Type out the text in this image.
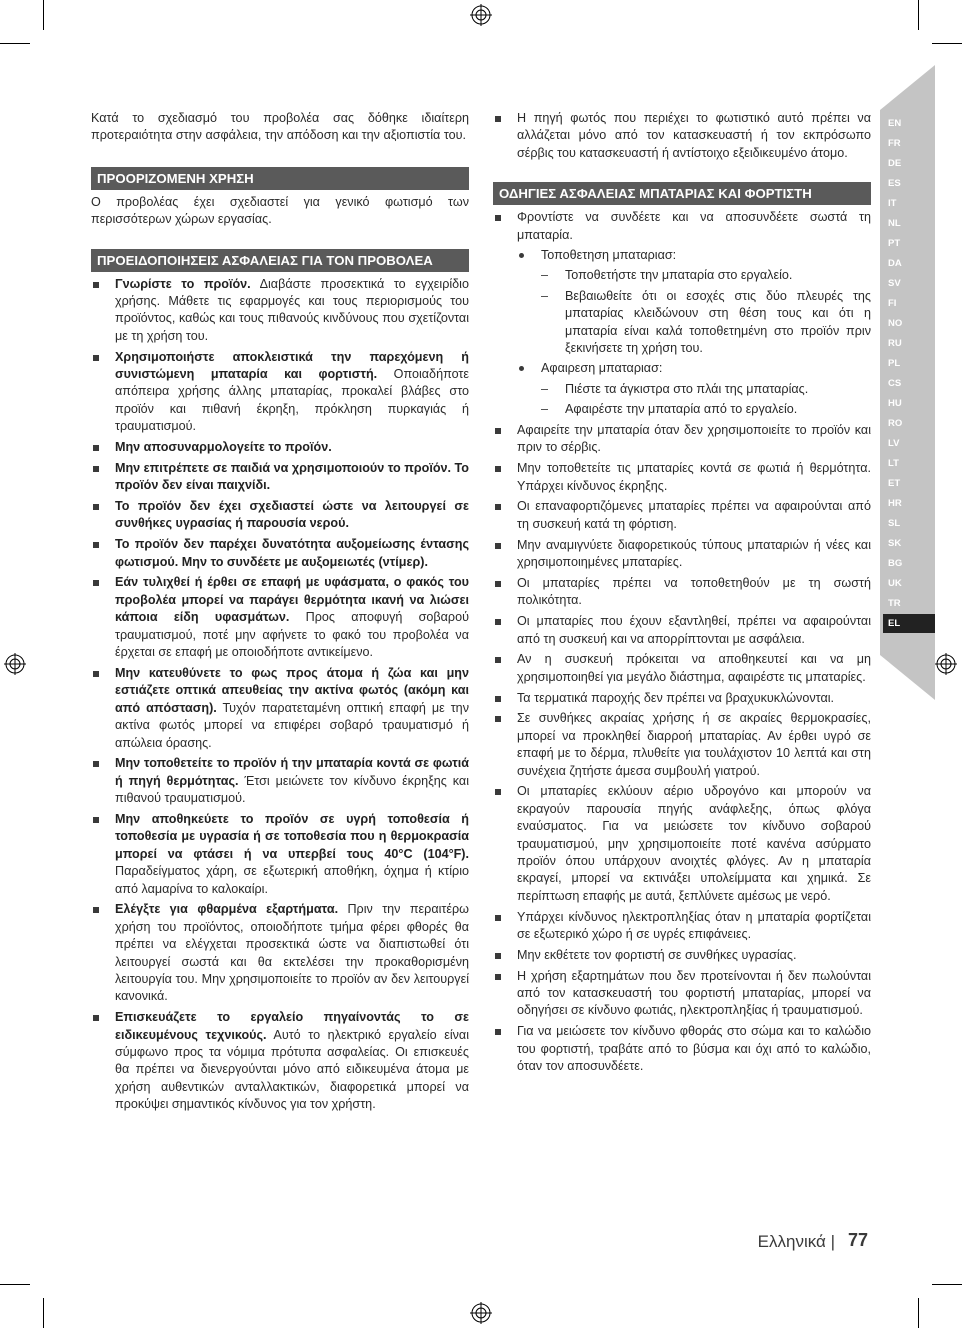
EN
FR
DE
ES
IT
NL
PT
DA
SV
FI
NO
RU
PL
CS
HU
RO
LV
LT
ET
HR
SL
SK
BG
UK
TR
EL

Κατά το σχεδιασμό του προβολέα σας δόθηκε ιδιαίτερη προτεραιότητα στην ασφάλεια, την απόδοση και την αξιοπιστία του.

ΠΡΟΟΡΙΖΟΜΕΝΗ ΧΡΗΣΗ

Ο προβολέας έχει σχεδιαστεί για γενικό φωτισμό των περισσότερων χώρων εργασίας.

ΠΡΟΕΙΔΟΠΟΙΗΣΕΙΣ ΑΣΦΑΛΕΙΑΣ ΓΙΑ ΤΟΝ ΠΡΟΒΟΛΕΑ
Γνωρίστε το προϊόν. Διαβάστε προσεκτικά το εγχειρίδιο χρήσης. Μάθετε τις εφαρμογές και τους περιορισμούς του προϊόντος, καθώς και τους πιθανούς κινδύνους που σχετίζονται με τη χρήση του.
Χρησιμοποιήστε αποκλειστικά την παρεχόμενη ή συνιστώμενη μπαταρία και φορτιστή. Οποιαδήποτε απόπειρα χρήσης άλλης μπαταρίας, προκαλεί βλάβες στο προϊόν και πιθανή έκρηξη, πρόκληση πυρκαγιάς ή τραυματισμού.
Μην αποσυναρμολογείτε το προϊόν.
Μην επιτρέπετε σε παιδιά να χρησιμοποιούν το προϊόν. Το προϊόν δεν είναι παιχνίδι.
Το προϊόν δεν έχει σχεδιαστεί ώστε να λειτουργεί σε συνθήκες υγρασίας ή παρουσία νερού.
Το προϊόν δεν παρέχει δυνατότητα αυξομείωσης έντασης φωτισμού. Μην το συνδέετε με αυξομειωτές (ντίμερ).
Εάν τυλιχθεί ή έρθει σε επαφή με υφάσματα, ο φακός του προβολέα μπορεί να παράγει θερμότητα ικανή να λιώσει κάποια είδη υφασμάτων. Προς αποφυγή σοβαρού τραυματισμού, ποτέ μην αφήνετε το φακό του προβολέα να έρχεται σε επαφή με οποιοδήποτε αντικείμενο.
Μην κατευθύνετε το φως προς άτομα ή ζώα και μην εστιάζετε οπτικά απευθείας την ακτίνα φωτός (ακόμη και από απόσταση). Τυχόν παρατεταμένη οπτική επαφή με την ακτίνα φωτός μπορεί να επιφέρει σοβαρό τραυματισμό ή απώλεια όρασης.
Μην τοποθετείτε το προϊόν ή την μπαταρία κοντά σε φωτιά ή πηγή θερμότητας. Έτσι μειώνετε τον κίνδυνο έκρηξης και πιθανού τραυματισμού.
Μην αποθηκεύετε το προϊόν σε υγρή τοποθεσία ή τοποθεσία με υγρασία ή σε τοποθεσία που η θερμοκρασία μπορεί να φτάσει ή να υπερβεί τους 40°C (104°F). Παραδείγματος χάρη, σε εξωτερική αποθήκη, όχημα ή κτίριο από λαμαρίνα το καλοκαίρι.
Ελέγξτε για φθαρμένα εξαρτήματα. Πριν την περαιτέρω χρήση του προϊόντος, οποιοδήποτε τμήμα φέρει φθορές θα πρέπει να ελέγχεται προσεκτικά ώστε να διαπιστωθεί ότι λειτουργεί σωστά και θα εκτελέσει την προκαθορισμένη λειτουργία του. Μην χρησιμοποιείτε το προϊόν αν δεν λειτουργεί κανονικά.
Επισκευάζετε το εργαλείο πηγαίνοντάς το σε ειδικευμένους τεχνικούς. Αυτό το ηλεκτρικό εργαλείο είναι σύμφωνο προς τα νόμιμα πρότυπα ασφαλείας. Οι επισκευές θα πρέπει να διενεργούνται μόνο από ειδικευμένα άτομα με χρήση αυθεντικών ανταλλακτικών, διαφορετικά μπορεί να προκύψει σημαντικός κίνδυνος για τον χρήστη.
Η πηγή φωτός που περιέχει το φωτιστικό αυτό πρέπει να αλλάζεται μόνο από τον κατασκευαστή ή τον εκπρόσωπο σέρβις του κατασκευαστή ή αντίστοιχο εξειδικευμένο άτομο.
ΟΔΗΓΙΕΣ ΑΣΦΑΛΕΙΑΣ ΜΠΑΤΑΡΙΑΣ ΚΑΙ ΦΟΡΤΙΣΤΗ
Φροντίστε να συνδέετε και να αποσυνδέετε σωστά τη μπαταρία.
Τοποθετηση μπαταριασ:
– Τοποθετήστε την μπαταρία στο εργαλείο.
– Βεβαιωθείτε ότι οι εσοχές στις δύο πλευρές της μπαταρίας κλειδώνουν στη θέση τους και ότι η μπαταρία είναι καλά τοποθετημένη στο προϊόν πριν ξεκινήσετε τη χρήση του.
Αφαιρεση μπαταριασ:
– Πιέστε τα άγκιστρα στο πλάι της μπαταρίας.
– Αφαιρέστε την μπαταρία από το εργαλείο.
Αφαιρείτε την μπαταρία όταν δεν χρησιμοποιείτε το προϊόν και πριν το σέρβις.
Μην τοποθετείτε τις μπαταρίες κοντά σε φωτιά ή θερμότητα. Υπάρχει κίνδυνος έκρηξης.
Οι επαναφορτιζόμενες μπαταρίες πρέπει να αφαιρούνται από τη συσκευή κατά τη φόρτιση.
Μην αναμιγνύετε διαφορετικούς τύπους μπαταριών ή νέες και χρησιμοποιημένες μπαταρίες.
Οι μπαταρίες πρέπει να τοποθετηθούν με τη σωστή πολικότητα.
Οι μπαταρίες που έχουν εξαντληθεί, πρέπει να αφαιρούνται από τη συσκευή και να απορρίπτονται με ασφάλεια.
Αν η συσκευή πρόκειται να αποθηκευτεί και να μη χρησιμοποιηθεί για μεγάλο διάστημα, αφαιρέστε τις μπαταρίες.
Τα τερματικά παροχής δεν πρέπει να βραχυκυκλώνονται.
Σε συνθήκες ακραίας χρήσης ή σε ακραίες θερμοκρασίες, μπορεί να προκληθεί διαρροή μπαταρίας. Αν έρθει υγρό σε επαφή με το δέρμα, πλυθείτε για τουλάχιστον 10 λεπτά και στη συνέχεια ζητήστε άμεσα συμβουλή γιατρού.
Οι μπαταρίες εκλύουν αέριο υδρογόνο και μπορούν να εκραγούν παρουσία πηγής ανάφλεξης, όπως φλόγα εναύσματος. Για να μειώσετε τον κίνδυνο σοβαρού τραυματισμού, μην χρησιμοποιείτε ποτέ κανένα ασύρματο προϊόν όπου υπάρχουν ανοιχτές φλόγες. Αν η μπαταρία εκραγεί, μπορεί να εκτινάξει υπολείμματα και χημικά. Σε περίπτωση επαφής με αυτά, ξεπλύνετε αμέσως με νερό.
Υπάρχει κίνδυνος ηλεκτροπληξίας όταν η μπαταρία φορτίζεται σε εξωτερικό χώρο ή σε υγρές επιφάνειες.
Μην εκθέτετε τον φορτιστή σε συνθήκες υγρασίας.
Η χρήση εξαρτημάτων που δεν προτείνονται ή δεν πωλούνται από τον κατασκευαστή του φορτιστή μπαταρίας, μπορεί να οδηγήσει σε κίνδυνο φωτιάς, ηλεκτροπληξίας ή τραυματισμού.
Για να μειώσετε τον κίνδυνο φθοράς στο σώμα και το καλώδιο του φορτιστή, τραβάτε από το βύσμα και όχι από το καλώδιο, όταν τον αποσυνδέετε.
Ελληνικά | 77
